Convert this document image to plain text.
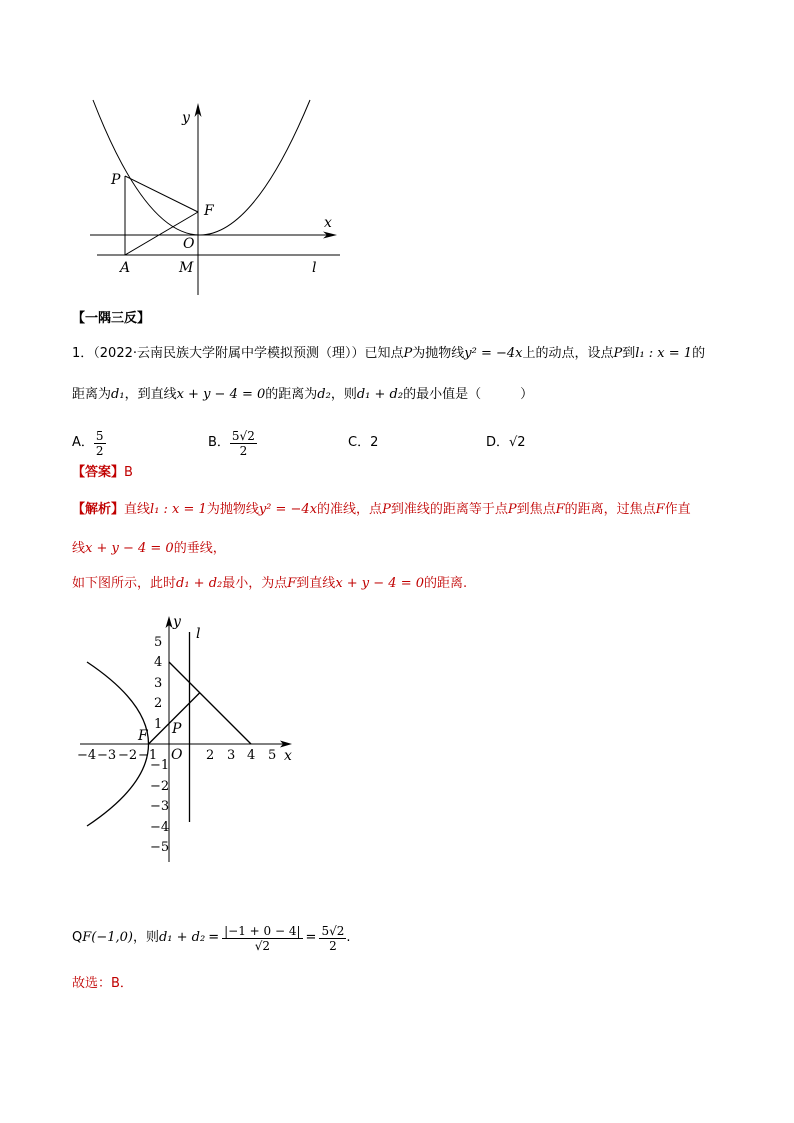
y
x
P
F
O
A	M	l
【一隅三反】
1．（2022·云南民族大学附属中学模拟预测（理））已知点P为抛物线y² = −4x上的动点，设点P到l₁ : x = 1的
距离为d₁，到直线x + y − 4 = 0的距离为d₂，则d₁ + d₂的最小值是（　　　）
A． $\frac{5}{2}$	B． $\frac{5√2}{2}$	C． 2	D． √2
【答案】B
【解析】直线l₁ : x = 1为抛物线y² = −4x的准线，点P到准线的距离等于点P到焦点F的距离，过焦点F作直
线x + y − 4 = 0的垂线，
如下图所示，此时d₁ + d₂最小，为点F到直线x + y − 4 = 0的距离.
−4 −3 −2 −1	2 3 4 5
5
4
3
2
1
−1
−2
−3
−4
−5
y
x
l
F P
O
Q F(−1,0) ，则 $d_1 + d_2 = \frac{|-1 + 0 - 4|}{√2} = \frac{5√2}{2}$ .
故选：B．
